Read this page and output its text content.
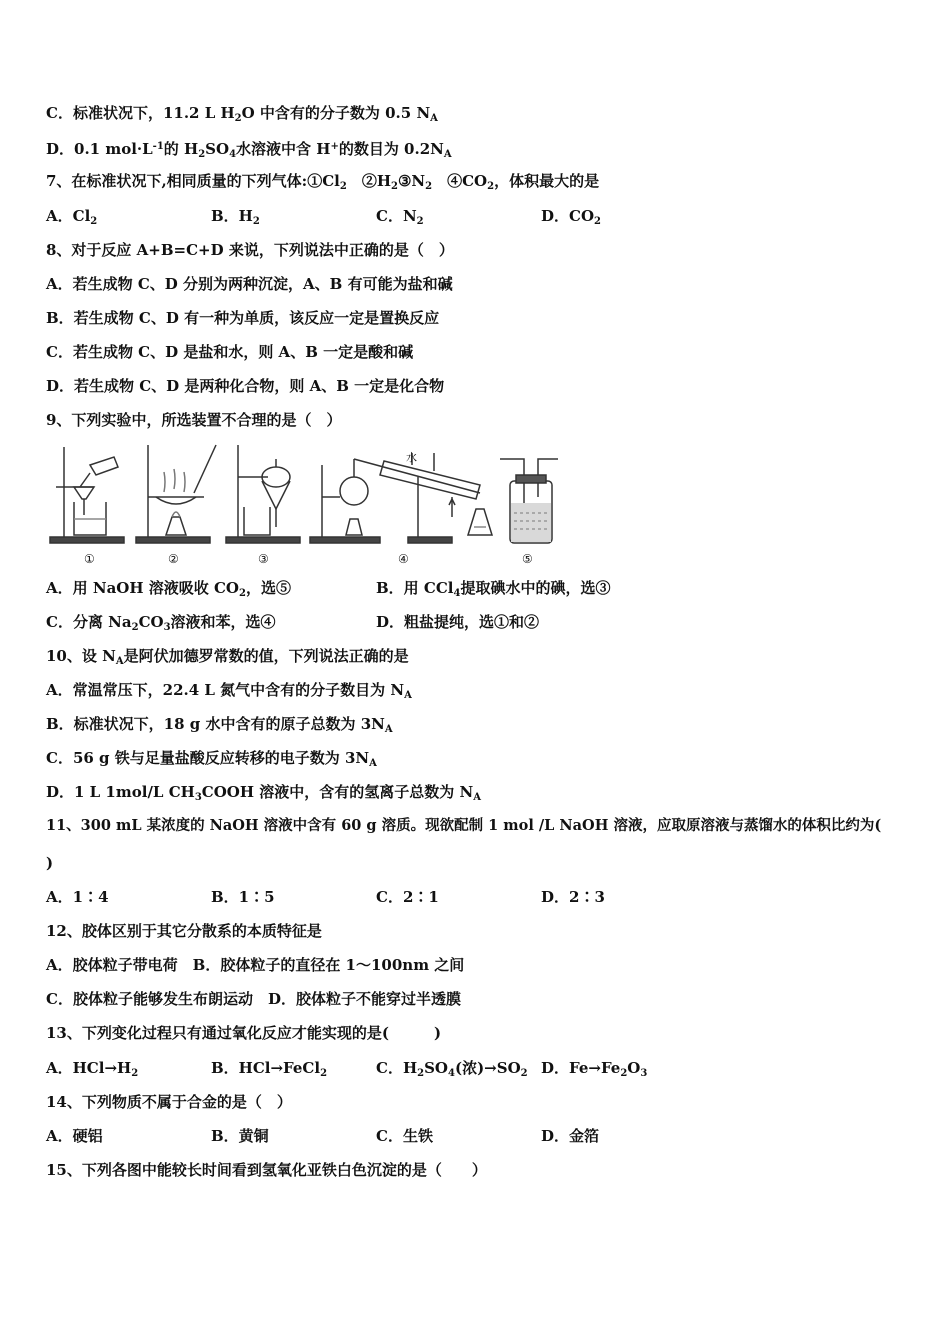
C．标准状况下，11.2 L $H_2O$ 中含有的分子数为 0.5 $N_A$
D．0.1 $mol\cdot L^{-1}$的 $H_2SO_4$水溶液中含 H+的数目为 $0.2N_A$
7、在标准状况下,相同质量的下列气体$:①Cl_2$　$②H_2③N_2$　$④CO_2$，体积最大的是
A．$Cl_2$	B．$H_2$	C．$N_2$	D．$CO_2$
8、对于反应 A+B=C+D 来说，下列说法中正确的是（　）
A．若生成物 C、D 分别为两种沉淀，A、B 有可能为盐和碱
B．若生成物 C、D 有一种为单质，该反应一定是置换反应
C．若生成物 C、D 是盐和水，则 A、B 一定是酸和碱
D．若生成物 C、D 是两种化合物，则 A、B 一定是化合物
9、下列实验中，所选装置不合理的是（　）
水
①	②	③	④	⑤
A．用 NaOH 溶液吸收 $CO_2$，选⑤	B．用 CCl$_4$提取碘水中的碘，选③
C．分离 $Na_2CO_3$溶液和苯，选④	D．粗盐提纯，选①和②
10、设 $N_A$是阿伏加德罗常数的值，下列说法正确的是
A．常温常压下，22.4 L 氮气中含有的分子数目为 $N_A$
B．标准状况下，18 g 水中含有的原子总数为 $3N_A$
C．56 g 铁与足量盐酸反应转移的电子数为 $3N_A$
D．1 L 1mol/L $CH_3COOH$ 溶液中，含有的氢离子总数为 $N_A$
11、300 mL 某浓度的 NaOH 溶液中含有 60 g 溶质。现欲配制 1 mol /L NaOH 溶液，应取原溶液与蒸馏水的体积比约为(
)
A．1∶4	B．1∶5	C．2∶1	D．2∶3
12、胶体区别于其它分散系的本质特征是
A．胶体粒子带电荷　B．胶体粒子的直径在 1～100nm 之间
C．胶体粒子能够发生布朗运动　D．胶体粒子不能穿过半透膜
13、下列变化过程只有通过氧化反应才能实现的是(　　　)
A．$HCl\to H_2$	B．HCl→FeCl$_2$	C．$H_2SO_4$(浓)$\to SO_2$ D．$Fe\to Fe_2O_3$
14、下列物质不属于合金的是（　）
A．硬铝	B．黄铜	C．生铁	D．金箔
15、下列各图中能较长时间看到氢氧化亚铁白色沉淀的是（　　）
